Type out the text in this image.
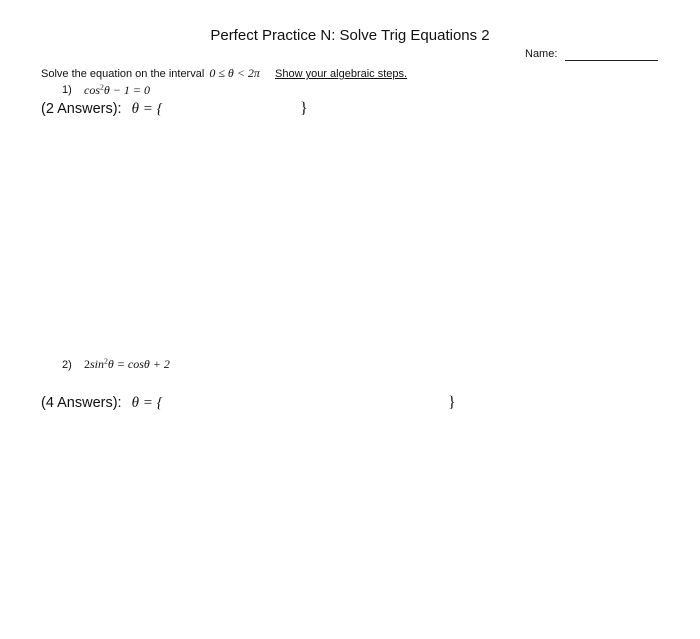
Perfect Practice N: Solve Trig Equations 2
Name:
Solve the equation on the interval 0 ≤ θ < 2π Show your algebraic steps.
1) $\cos^2\theta - 1 = 0$
(2 Answers): θ = {	}
2) $2\sin^2\theta = \cos\theta + 2$
(4 Answers): θ = {	}
